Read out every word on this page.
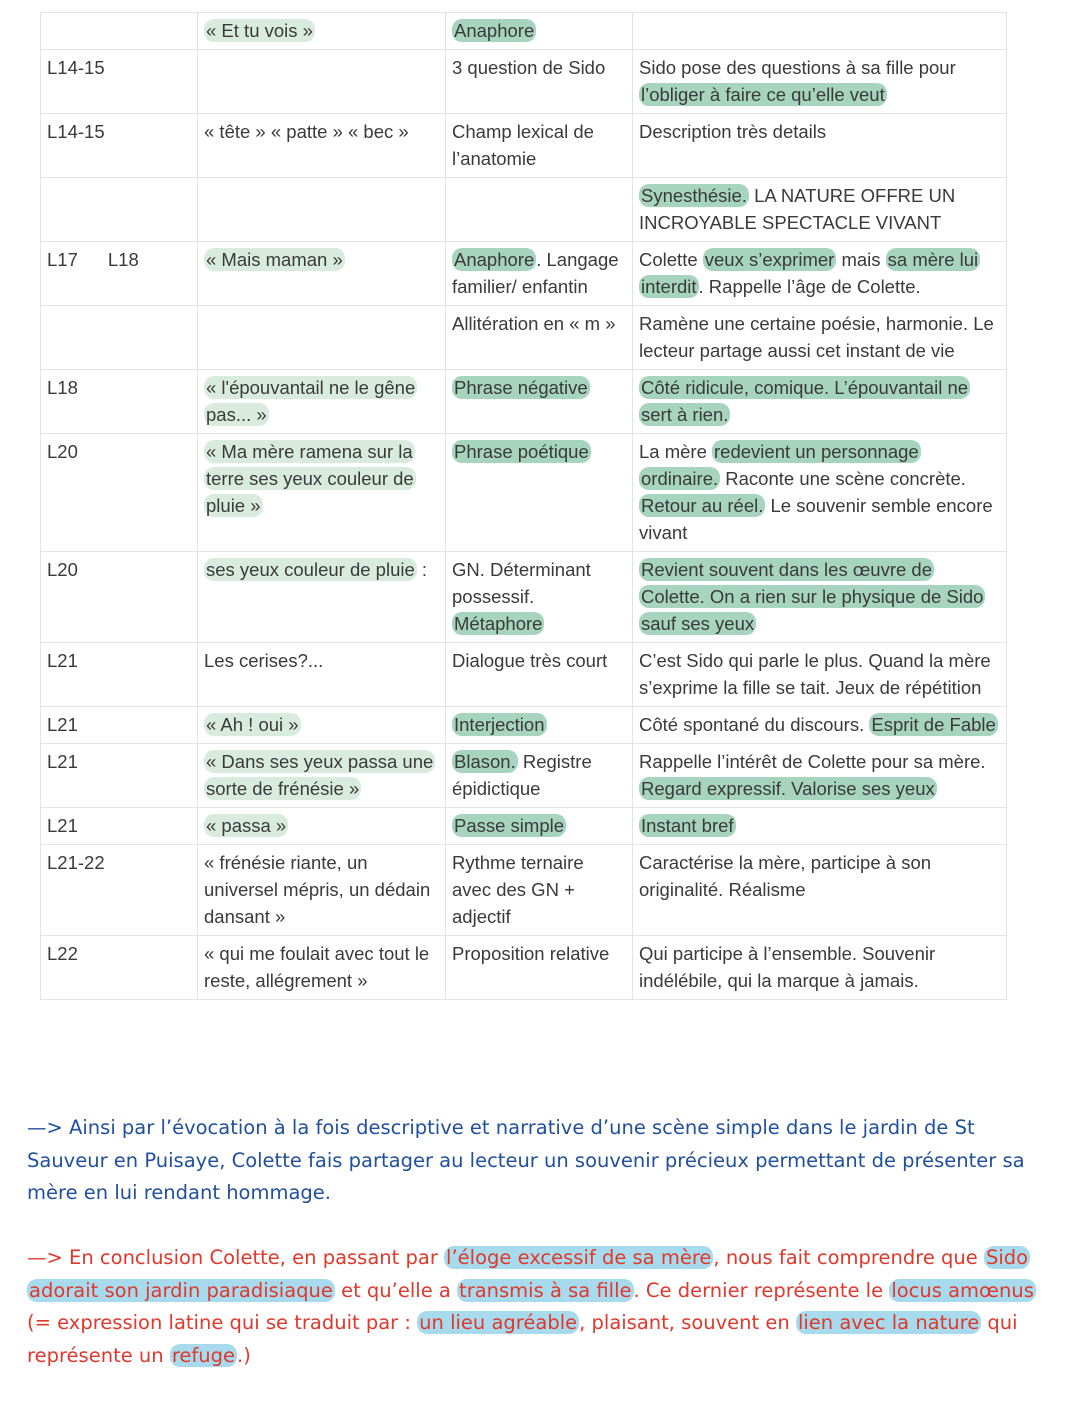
	« Et tu vois »	Anaphore	
L14-15		3 question de Sido	Sido pose des questions à sa fille pour l’obliger à faire ce qu’elle veut
L14-15	« tête » « patte » « bec »	Champ lexical de l’anatomie	Description très details
			Synesthésie. LA NATURE OFFRE UN INCROYABLE SPECTACLE VIVANT
L17 L18	« Mais maman »	Anaphore . Langage familier/ enfantin	Colette veux s’exprimer mais sa mère lui interdit . Rappelle l’âge de Colette.
		Allitération en « m »	Ramène une certaine poésie, harmonie. Le lecteur partage aussi cet instant de vie
L18	« l'épouvantail ne le gêne pas... »	Phrase négative	Côté ridicule, comique. L’épouvantail ne sert à rien.
L20	« Ma mère ramena sur la terre ses yeux couleur de pluie »	Phrase poétique	La mère redevient un personnage ordinaire. Raconte une scène concrète. Retour au réel. Le souvenir semble encore vivant
L20	ses yeux couleur de pluie :	GN. Déterminant possessif. Métaphore	Revient souvent dans les œuvre de Colette. On a rien sur le physique de Sido sauf ses yeux
L21	Les cerises?...	Dialogue très court	C’est Sido qui parle le plus. Quand la mère s’exprime la fille se tait. Jeux de répétition
L21	« Ah ! oui »	Interjection	Côté spontané du discours. Esprit de Fable
L21	« Dans ses yeux passa une sorte de frénésie »	Blason. Registre épidictique	Rappelle l’intérêt de Colette pour sa mère. Regard expressif. Valorise ses yeux
L21	« passa »	Passe simple	Instant bref
L21-22	« frénésie riante, un universel mépris, un dédain dansant »	Rythme ternaire avec des GN + adjectif	Caractérise la mère, participe à son originalité. Réalisme
L22	« qui me foulait avec tout le reste, allégrement »	Proposition relative	Qui participe à l’ensemble. Souvenir indélébile, qui la marque à jamais.

—> Ainsi par l’évocation à la fois descriptive et narrative d’une scène simple dans le jardin de St Sauveur en Puisaye, Colette fais partager au lecteur un souvenir précieux permettant de présenter sa mère en lui rendant hommage.

—> En conclusion Colette, en passant par l’éloge excessif de sa mère , nous fait comprendre que Sido adorait son jardin paradisiaque et qu’elle a transmis à sa fille . Ce dernier représente le locus amœnus (= expression latine qui se traduit par : un lieu agréable , plaisant, souvent en lien avec la nature qui représente un refuge .)
